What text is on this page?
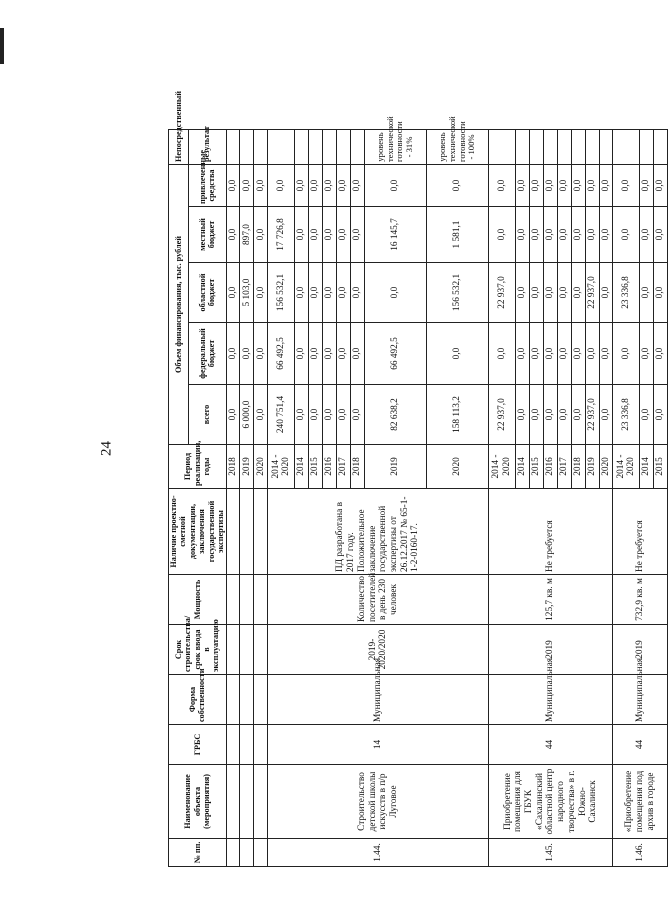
24
№ пп.	Наименование объекта (мероприятия)	ГРБС	Форма собственности	Срок строительства/срок ввода в эксплуатацию	Мощность	Наличие проектно-сметной документации, заключения государственной экспертизы	Период реализации, годы	Объем финансирования, тыс. рублей					Непосредственный
								всего	федеральный бюджет	областной бюджет	местный бюджет	привлеченные средства	результат
							2018	0,0	0,0	0,0	0,0	0,0	
							2019	6 000,0	0,0	5 103,0	897,0	0,0	
							2020	0,0	0,0	0,0	0,0	0,0	
1.44.	Строительство детской школы искусств в п/р Луговое	14	Муниципальная	2019-2020/2020	Количество посетителей в день 230 человек	ПД разработана в 2017 году. Положительное заключение государственной экспертизы от 26.12.2017 № 65-1-1-2-0160-17.	2014 - 2020	240 751,4	66 492,5	156 532,1	17 726,8	0,0	
							2014	0,0	0,0	0,0	0,0	0,0	
							2015	0,0	0,0	0,0	0,0	0,0	
							2016	0,0	0,0	0,0	0,0	0,0	
							2017	0,0	0,0	0,0	0,0	0,0	
							2018	0,0	0,0	0,0	0,0	0,0	
							2019	82 638,2	66 492,5	0,0	16 145,7	0,0	уровень технической готовности - 31%
							2020	158 113,2	0,0	156 532,1	1 581,1	0,0	уровень технической готовности - 100%
1.45.	Приобретение помещения для ГБУК «Сахалинский областной центр народного творчества» в г. Южно-Сахалинск	44	Муниципальная	2019	125,7 кв. м	Не требуется	2014 - 2020	22 937,0	0,0	22 937,0	0,0	0,0	
							2014	0,0	0,0	0,0	0,0	0,0	
							2015	0,0	0,0	0,0	0,0	0,0	
							2016	0,0	0,0	0,0	0,0	0,0	
							2017	0,0	0,0	0,0	0,0	0,0	
							2018	0,0	0,0	0,0	0,0	0,0	
							2019	22 937,0	0,0	22 937,0	0,0	0,0	
							2020	0,0	0,0	0,0	0,0	0,0	
1.46.	«Приобретение помещения под архив в городе	44	Муниципальная	2019	732,9 кв. м	Не требуется	2014 - 2020	23 336,8	0,0	23 336,8	0,0	0,0	
							2014	0,0	0,0	0,0	0,0	0,0	
							2015	0,0	0,0	0,0	0,0	0,0	
